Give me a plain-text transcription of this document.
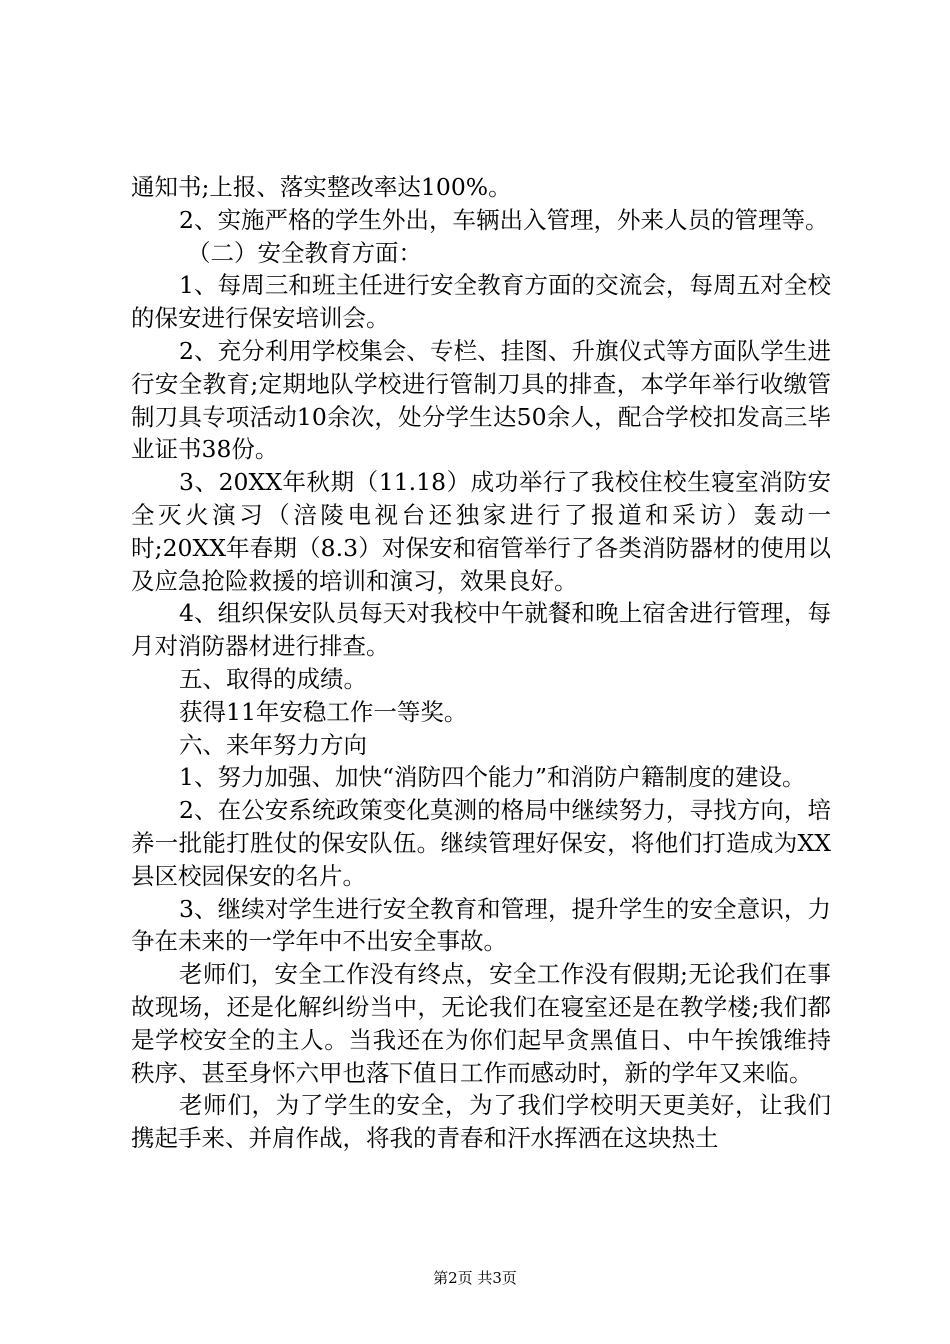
通知书;上报、落实整改率达100%。

2、实施严格的学生外出，车辆出入管理，外来人员的管理等。

（二）安全教育方面：

1、每周三和班主任进行安全教育方面的交流会，每周五对全校的保安进行保安培训会。

2、充分利用学校集会、专栏、挂图、升旗仪式等方面队学生进行安全教育;定期地队学校进行管制刀具的排查，本学年举行收缴管制刀具专项活动10余次，处分学生达50余人，配合学校扣发高三毕业证书38份。

3、20XX年秋期（11.18）成功举行了我校住校生寝室消防安全灭火演习（涪陵电视台还独家进行了报道和采访）轰动一时;20XX年春期（8.3）对保安和宿管举行了各类消防器材的使用以及应急抢险救援的培训和演习，效果良好。

4、组织保安队员每天对我校中午就餐和晚上宿舍进行管理，每月对消防器材进行排查。

五、取得的成绩。

获得11年安稳工作一等奖。

六、来年努力方向

1、努力加强、加快“消防四个能力”和消防户籍制度的建设。

2、在公安系统政策变化莫测的格局中继续努力，寻找方向，培养一批能打胜仗的保安队伍。继续管理好保安，将他们打造成为XX县区校园保安的名片。

3、继续对学生进行安全教育和管理，提升学生的安全意识，力争在未来的一学年中不出安全事故。

老师们，安全工作没有终点，安全工作没有假期;无论我们在事故现场，还是化解纠纷当中，无论我们在寝室还是在教学楼;我们都是学校安全的主人。当我还在为你们起早贪黑值日、中午挨饿维持秩序、甚至身怀六甲也落下值日工作而感动时，新的学年又来临。

老师们，为了学生的安全，为了我们学校明天更美好，让我们携起手来、并肩作战，将我的青春和汗水挥洒在这块热土

第2页 共3页
